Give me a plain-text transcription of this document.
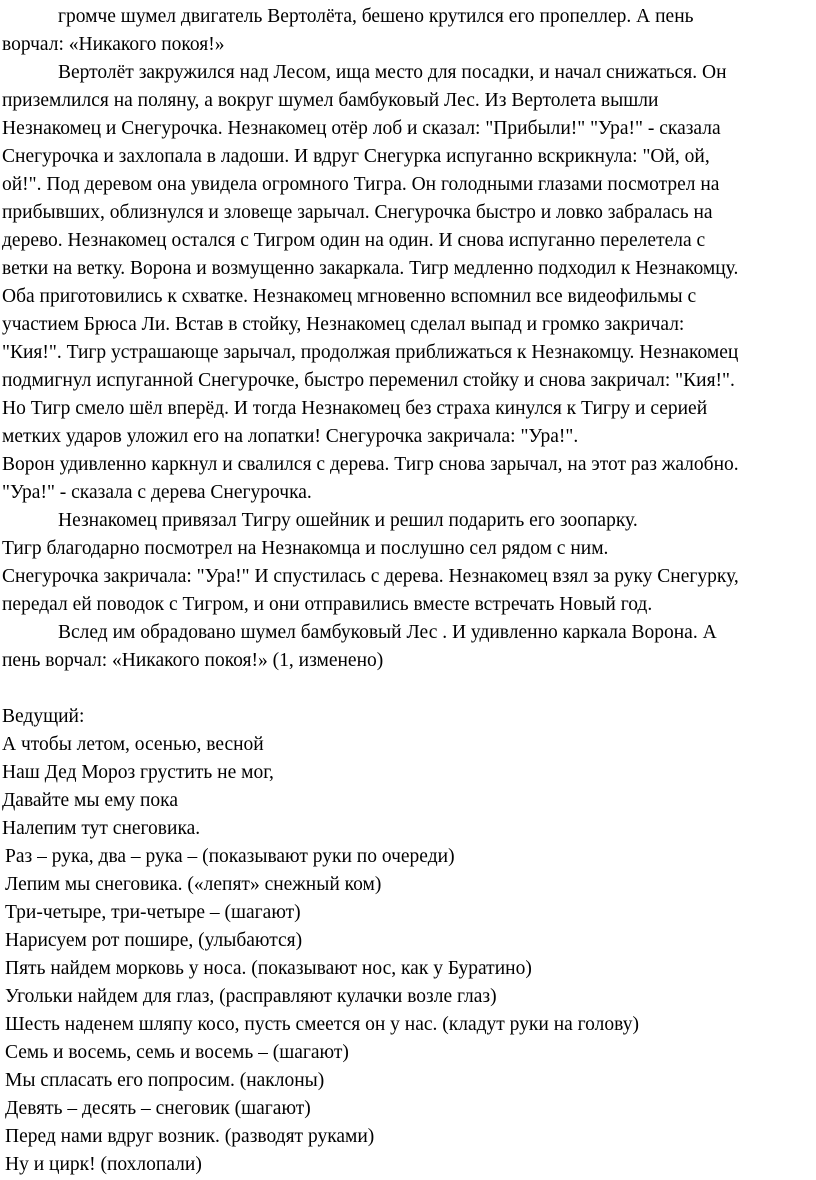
громче шумел двигатель Вертолёта, бешено крутился его пропеллер. А пень

ворчал: «Никакого покоя!»

Вертолёт закружился над Лесом, ища место для посадки, и начал снижаться. Он

приземлился на поляну, а вокруг шумел бамбуковый Лес. Из Вертолета вышли

Незнакомец и Снегурочка. Незнакомец отёр лоб и сказал: "Прибыли!" "Ура!" - сказала

Снегурочка и захлопала в ладоши. И вдруг Снегурка испуганно вскрикнула: "Ой, ой,

ой!". Под деревом она увидела огромного Тигра. Он голодными глазами посмотрел на

прибывших, облизнулся и зловеще зарычал. Снегурочка быстро и ловко забралась на

дерево. Незнакомец остался с Тигром один на один. И снова испуганно перелетела с

ветки на ветку. Ворона и возмущенно закаркала. Тигр медленно подходил к Незнакомцу.

Оба приготовились к схватке. Незнакомец мгновенно вспомнил все видеофильмы с

участием Брюса Ли. Встав в стойку, Незнакомец сделал выпад и громко закричал:

"Кия!". Тигр устрашающе зарычал, продолжая приближаться к Незнакомцу. Незнакомец

подмигнул испуганной Снегурочке, быстро переменил стойку и снова закричал: "Кия!".

Но Тигр смело шёл вперёд. И тогда Незнакомец без страха кинулся к Тигру и серией

метких ударов уложил его на лопатки! Снегурочка закричала: "Ура!".

Ворон удивленно каркнул и свалился с дерева. Тигр снова зарычал, на этот раз жалобно.

"Ура!" - сказала с дерева Снегурочка.

Незнакомец привязал Тигру ошейник и решил подарить его зоопарку.

Тигр благодарно посмотрел на Незнакомца и послушно сел рядом с ним.

Снегурочка закричала: "Ура!" И спустилась с дерева. Незнакомец взял за руку Снегурку,

передал ей поводок с Тигром, и они отправились вместе встречать Новый год.

Вслед им обрадовано шумел бамбуковый Лес . И удивленно каркала Ворона. А

пень ворчал: «Никакого покоя!» (1, изменено)

Ведущий:

А чтобы летом, осенью, весной

Наш Дед Мороз грустить не мог,

Давайте мы ему пока

Налепим тут снеговика.

Раз – рука, два – рука – (показывают руки по очереди)

Лепим мы снеговика. («лепят» снежный ком)

Три-четыре, три-четыре – (шагают)

Нарисуем рот пошире, (улыбаются)

Пять найдем морковь у носа. (показывают нос, как у Буратино)

Угольки найдем для глаз, (расправляют кулачки возле глаз)

Шесть наденем шляпу косо, пусть смеется он у нас. (кладут руки на голову)

Семь и восемь, семь и восемь – (шагают)

Мы спласать его попросим. (наклоны)

Девять – десять – снеговик (шагают)

Перед нами вдруг возник. (разводят руками)

Ну и цирк! (похлопали)
